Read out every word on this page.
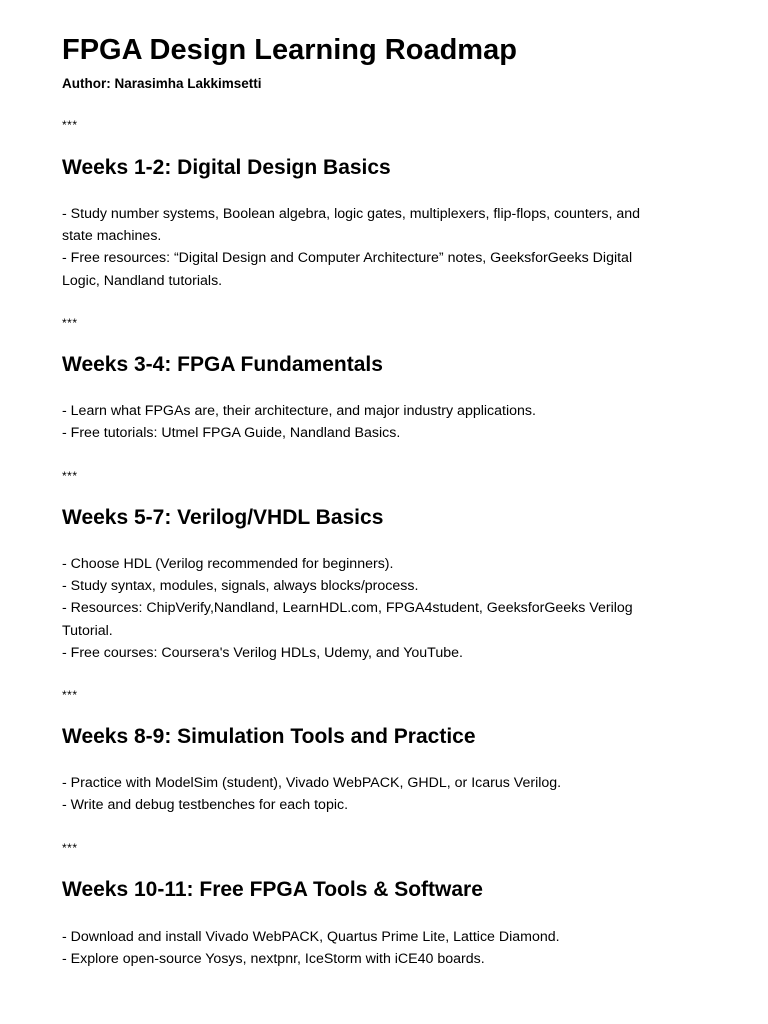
FPGA Design Learning Roadmap
Author: Narasimha Lakkimsetti
***
Weeks 1-2: Digital Design Basics
- Study number systems, Boolean algebra, logic gates, multiplexers, flip-flops, counters, and
state machines.
- Free resources: “Digital Design and Computer Architecture” notes, GeeksforGeeks Digital
Logic, Nandland tutorials.
***
Weeks 3-4: FPGA Fundamentals
- Learn what FPGAs are, their architecture, and major industry applications.
- Free tutorials: Utmel FPGA Guide, Nandland Basics.
***
Weeks 5-7: Verilog/VHDL Basics
- Choose HDL (Verilog recommended for beginners).
- Study syntax, modules, signals, always blocks/process.
- Resources: ChipVerify,Nandland, LearnHDL.com, FPGA4student, GeeksforGeeks Verilog
Tutorial.
- Free courses: Coursera's Verilog HDLs, Udemy, and YouTube.
***
Weeks 8-9: Simulation Tools and Practice
- Practice with ModelSim (student), Vivado WebPACK, GHDL, or Icarus Verilog.
- Write and debug testbenches for each topic.
***
Weeks 10-11: Free FPGA Tools & Software
- Download and install Vivado WebPACK, Quartus Prime Lite, Lattice Diamond.
- Explore open-source Yosys, nextpnr, IceStorm with iCE40 boards.
